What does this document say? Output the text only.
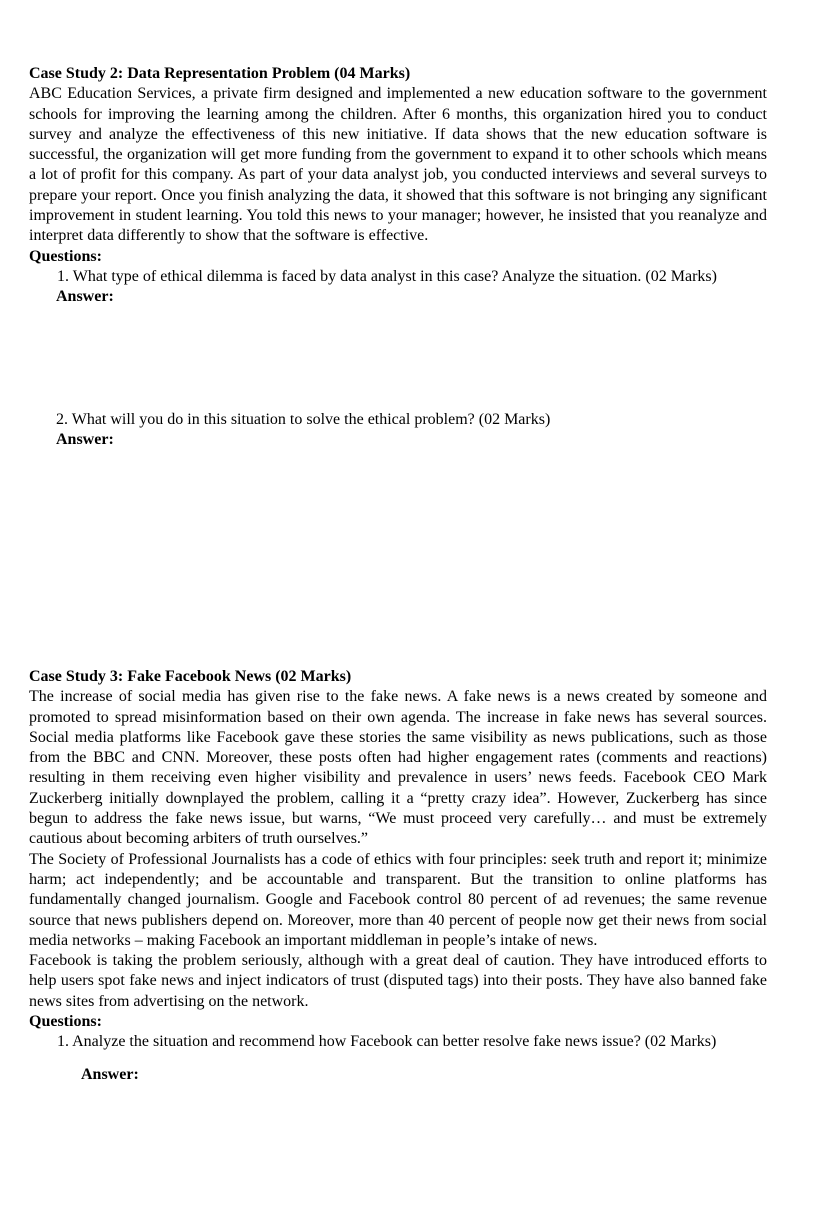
Case Study 2: Data Representation Problem (04 Marks)

ABC Education Services, a private firm designed and implemented a new education software to the government schools for improving the learning among the children. After 6 months, this organization hired you to conduct survey and analyze the effectiveness of this new initiative. If data shows that the new education software is successful, the organization will get more funding from the government to expand it to other schools which means a lot of profit for this company. As part of your data analyst job, you conducted interviews and several surveys to prepare your report. Once you finish analyzing the data, it showed that this software is not bringing any significant improvement in student learning. You told this news to your manager; however, he insisted that you reanalyze and interpret data differently to show that the software is effective.

Questions:
1. What type of ethical dilemma is faced by data analyst in this case? Analyze the situation. (02 Marks)
Answer:
2. What will you do in this situation to solve the ethical problem? (02 Marks)
Answer:
Case Study 3: Fake Facebook News (02 Marks)

The increase of social media has given rise to the fake news. A fake news is a news created by someone and promoted to spread misinformation based on their own agenda. The increase in fake news has several sources. Social media platforms like Facebook gave these stories the same visibility as news publications, such as those from the BBC and CNN. Moreover, these posts often had higher engagement rates (comments and reactions) resulting in them receiving even higher visibility and prevalence in users’ news feeds. Facebook CEO Mark Zuckerberg initially downplayed the problem, calling it a “pretty crazy idea”. However, Zuckerberg has since begun to address the fake news issue, but warns, “We must proceed very carefully… and must be extremely cautious about becoming arbiters of truth ourselves.”

The Society of Professional Journalists has a code of ethics with four principles: seek truth and report it; minimize harm; act independently; and be accountable and transparent. But the transition to online platforms has fundamentally changed journalism. Google and Facebook control 80 percent of ad revenues; the same revenue source that news publishers depend on. Moreover, more than 40 percent of people now get their news from social media networks – making Facebook an important middleman in people’s intake of news.

Facebook is taking the problem seriously, although with a great deal of caution. They have introduced efforts to help users spot fake news and inject indicators of trust (disputed tags) into their posts. They have also banned fake news sites from advertising on the network.

Questions:
1. Analyze the situation and recommend how Facebook can better resolve fake news issue? (02 Marks)
Answer:
